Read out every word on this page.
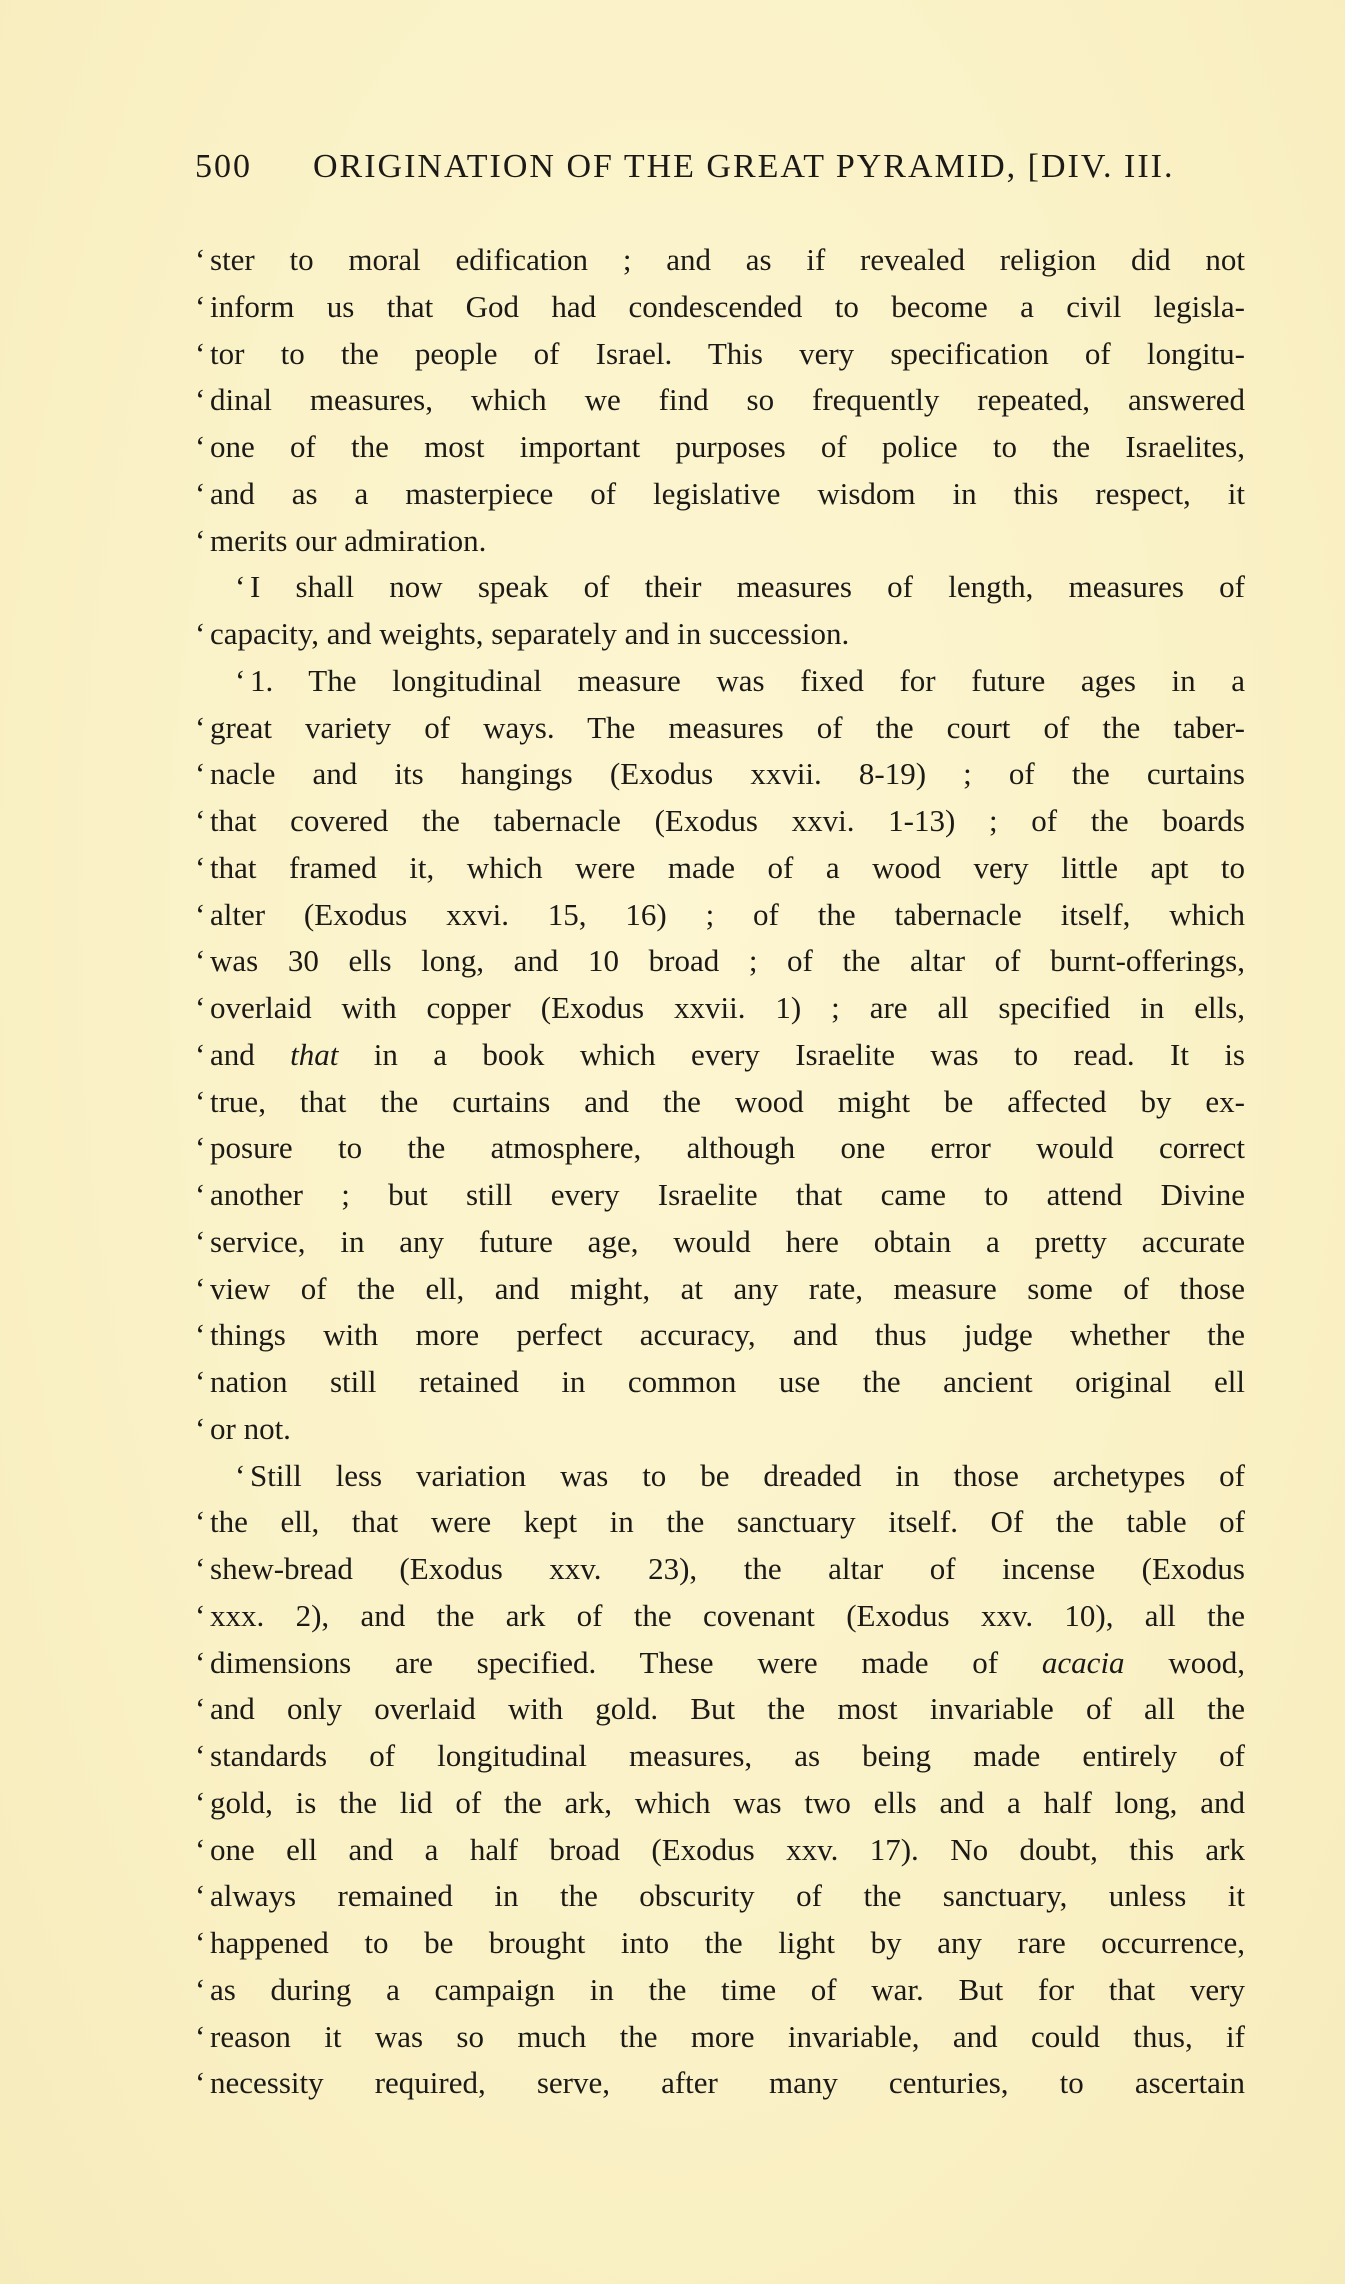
500 ORIGINATION OF THE GREAT PYRAMID, [DIV. III.
‘ ster to moral edification ; and as if revealed religion did not
‘ inform us that God had condescended to become a civil legisla-
‘ tor to the people of Israel. This very specification of longitu-
‘ dinal measures, which we find so frequently repeated, answered
‘ one of the most important purposes of police to the Israelites,
‘ and as a masterpiece of legislative wisdom in this respect, it
‘ merits our admiration.
‘ I shall now speak of their measures of length, measures of
‘ capacity, and weights, separately and in succession.
‘ 1. The longitudinal measure was fixed for future ages in a
‘ great variety of ways. The measures of the court of the taber-
‘ nacle and its hangings (Exodus xxvii. 8-19) ; of the curtains
‘ that covered the tabernacle (Exodus xxvi. 1-13) ; of the boards
‘ that framed it, which were made of a wood very little apt to
‘ alter (Exodus xxvi. 15, 16) ; of the tabernacle itself, which
‘ was 30 ells long, and 10 broad ; of the altar of burnt-offerings,
‘ overlaid with copper (Exodus xxvii. 1) ; are all specified in ells,
‘ and that in a book which every Israelite was to read. It is
‘ true, that the curtains and the wood might be affected by ex-
‘ posure to the atmosphere, although one error would correct
‘ another ; but still every Israelite that came to attend Divine
‘ service, in any future age, would here obtain a pretty accurate
‘ view of the ell, and might, at any rate, measure some of those
‘ things with more perfect accuracy, and thus judge whether the
‘ nation still retained in common use the ancient original ell
‘ or not.
‘ Still less variation was to be dreaded in those archetypes of
‘ the ell, that were kept in the sanctuary itself. Of the table of
‘ shew-bread (Exodus xxv. 23), the altar of incense (Exodus
‘ xxx. 2), and the ark of the covenant (Exodus xxv. 10), all the
‘ dimensions are specified. These were made of acacia wood,
‘ and only overlaid with gold. But the most invariable of all the
‘ standards of longitudinal measures, as being made entirely of
‘ gold, is the lid of the ark, which was two ells and a half long, and
‘ one ell and a half broad (Exodus xxv. 17). No doubt, this ark
‘ always remained in the obscurity of the sanctuary, unless it
‘ happened to be brought into the light by any rare occurrence,
‘ as during a campaign in the time of war. But for that very
‘ reason it was so much the more invariable, and could thus, if
‘ necessity required, serve, after many centuries, to ascertain
